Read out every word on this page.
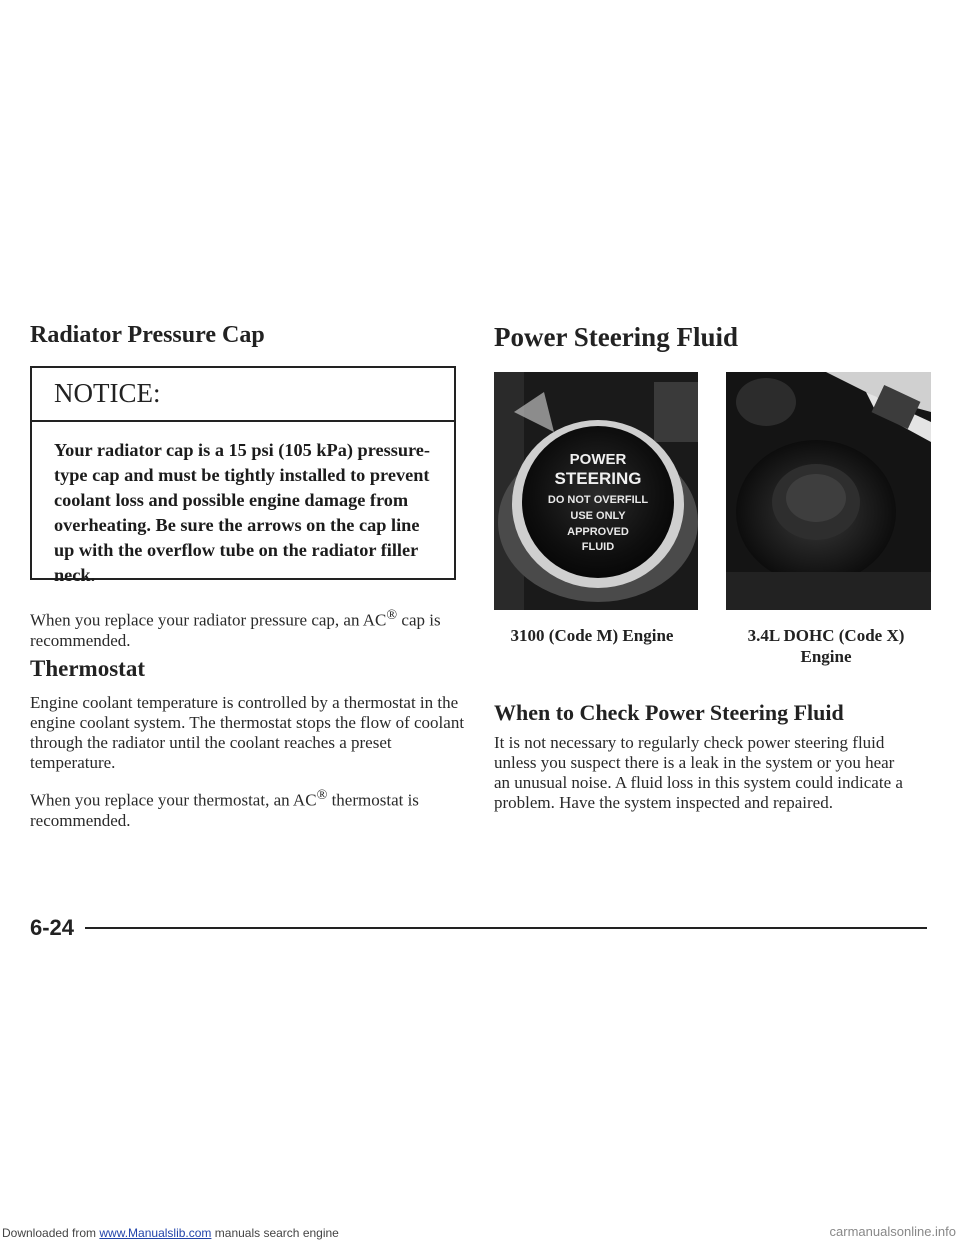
Radiator Pressure Cap
NOTICE:
Your radiator cap is a 15 psi (105 kPa) pressure-type cap and must be tightly installed to prevent coolant loss and possible engine damage from overheating. Be sure the arrows on the cap line up with the overflow tube on the radiator filler neck.
When you replace your radiator pressure cap, an AC® cap is recommended.
Thermostat
Engine coolant temperature is controlled by a thermostat in the engine coolant system. The thermostat stops the flow of coolant through the radiator until the coolant reaches a preset temperature.
When you replace your thermostat, an AC® thermostat is recommended.
Power Steering Fluid
POWER
STEERING
DO NOT OVERFILL
USE ONLY
APPROVED
FLUID
3100 (Code M) Engine	3.4L DOHC (Code X)
Engine
When to Check Power Steering Fluid
It is not necessary to regularly check power steering fluid unless you suspect there is a leak in the system or you hear an unusual noise. A fluid loss in this system could indicate a problem. Have the system inspected and repaired.
6-24
Downloaded from www.Manualslib.com manuals search engine	carmanualsonline.info
